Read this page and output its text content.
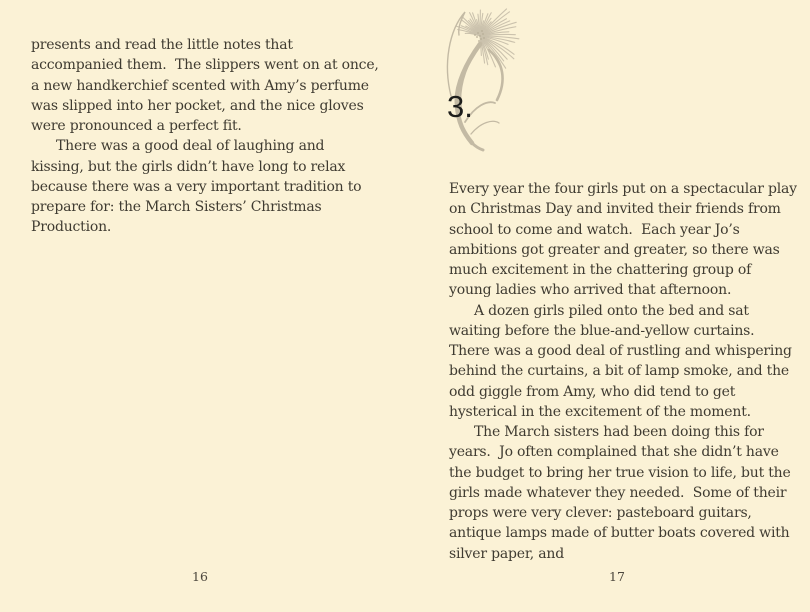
presents and read the little notes that accompanied them.  The slippers went on at once, a new handkerchief scented with Amy’s perfume was slipped into her pocket, and the nice gloves were pronounced a perfect fit.

There was a good deal of laughing and kissing, but the girls didn’t have long to relax because there was a very important tradition to prepare for: the March Sisters’ Christmas Production.

3.

Every year the four girls put on a spectacular play on Christmas Day and invited their friends from school to come and watch.  Each year Jo’s ambitions got greater and greater, so there was much excitement in the chattering group of young ladies who arrived that afternoon.

A dozen girls piled onto the bed and sat waiting before the blue-and-yellow curtains.  There was a good deal of rustling and whispering behind the curtains, a bit of lamp smoke, and the odd giggle from Amy, who did tend to get hysterical in the excitement of the moment.

The March sisters had been doing this for years.  Jo often complained that she didn’t have the budget to bring her true vision to life, but the girls made whatever they needed.  Some of their props were very clever: pasteboard guitars, antique lamps made of butter boats covered with silver paper, and

16	17
